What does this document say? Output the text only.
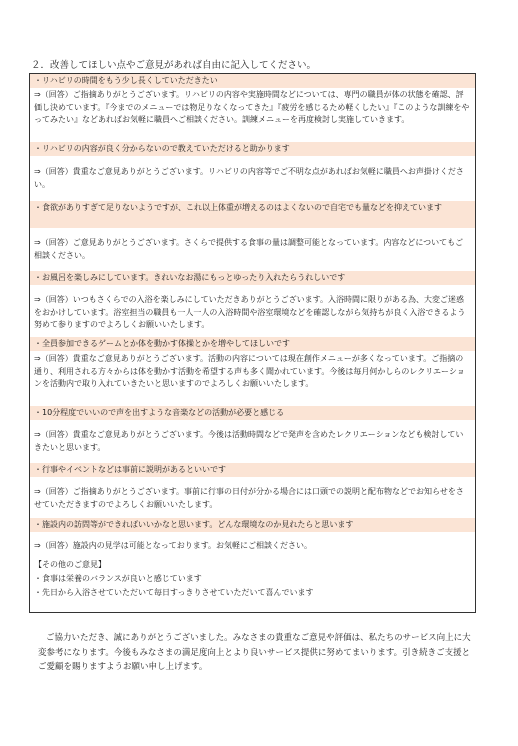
２．改善してほしい点やご意見があれば自由に記入してください。
・リハビリの時間をもう少し長くしていただきたい
⇒（回答）ご指摘ありがとうございます。リハビリの内容や実施時間などについては、専門の職員が体の状態を確認、評価し決めています。『今までのメニューでは物足りなくなってきた』『疲労を感じるため軽くしたい』『このような訓練をやってみたい』などあればお気軽に職員へご相談ください。訓練メニューを再度検討し実施していきます。
・リハビリの内容が良く分からないので教えていただけると助かります
⇒（回答）貴重なご意見ありがとうございます。リハビリの内容等でご不明な点があればお気軽に職員へお声掛けください。
・食欲がありすぎて足りないようですが、これ以上体重が増えるのはよくないので自宅でも量などを抑えています
⇒（回答）ご意見ありがとうございます。さくらで提供する食事の量は調整可能となっています。内容などについてもご相談ください。
・お風呂を楽しみにしています。きれいなお湯にもっとゆったり入れたらうれしいです
⇒（回答）いつもさくらでの入浴を楽しみにしていただきありがとうございます。入浴時間に限りがある為、大変ご迷惑をおかけしています。浴室担当の職員も一人一人の入浴時間や浴室環境などを確認しながら気持ちが良く入浴できるよう努めて参りますのでよろしくお願いいたします。
・全員参加できるゲームとか体を動かす体操とかを増やしてほしいです
⇒（回答）貴重なご意見ありがとうございます。活動の内容については現在創作メニューが多くなっています。ご指摘の通り、利用される方々からは体を動かす活動を希望する声も多く聞かれています。今後は毎月何かしらのレクリエーションを活動内で取り入れていきたいと思いますのでよろしくお願いいたします。
・10分程度でいいので声を出すような音楽などの活動が必要と感じる
⇒（回答）貴重なご意見ありがとうございます。今後は活動時間などで発声を含めたレクリエーションなども検討していきたいと思います。
・行事やイベントなどは事前に説明があるといいです
⇒（回答）ご指摘ありがとうございます。事前に行事の日付が分かる場合には口頭での説明と配布物などでお知らせをさせていただきますのでよろしくお願いいたします。
・施設内の訪問等ができればいいかなと思います。どんな環境なのか見れたらと思います
⇒（回答）施設内の見学は可能となっております。お気軽にご相談ください。
【その他のご意見】
・食事は栄養のバランスが良いと感じています
・先日から入浴させていただいて毎日すっきりさせていただいて喜んでいます
ご協力いただき、誠にありがとうございました。みなさまの貴重なご意見や評価は、私たちのサービス向上に大変参考になります。今後もみなさまの満足度向上とより良いサービス提供に努めてまいります。引き続きご支援とご愛顧を賜りますようお願い申し上げます。
